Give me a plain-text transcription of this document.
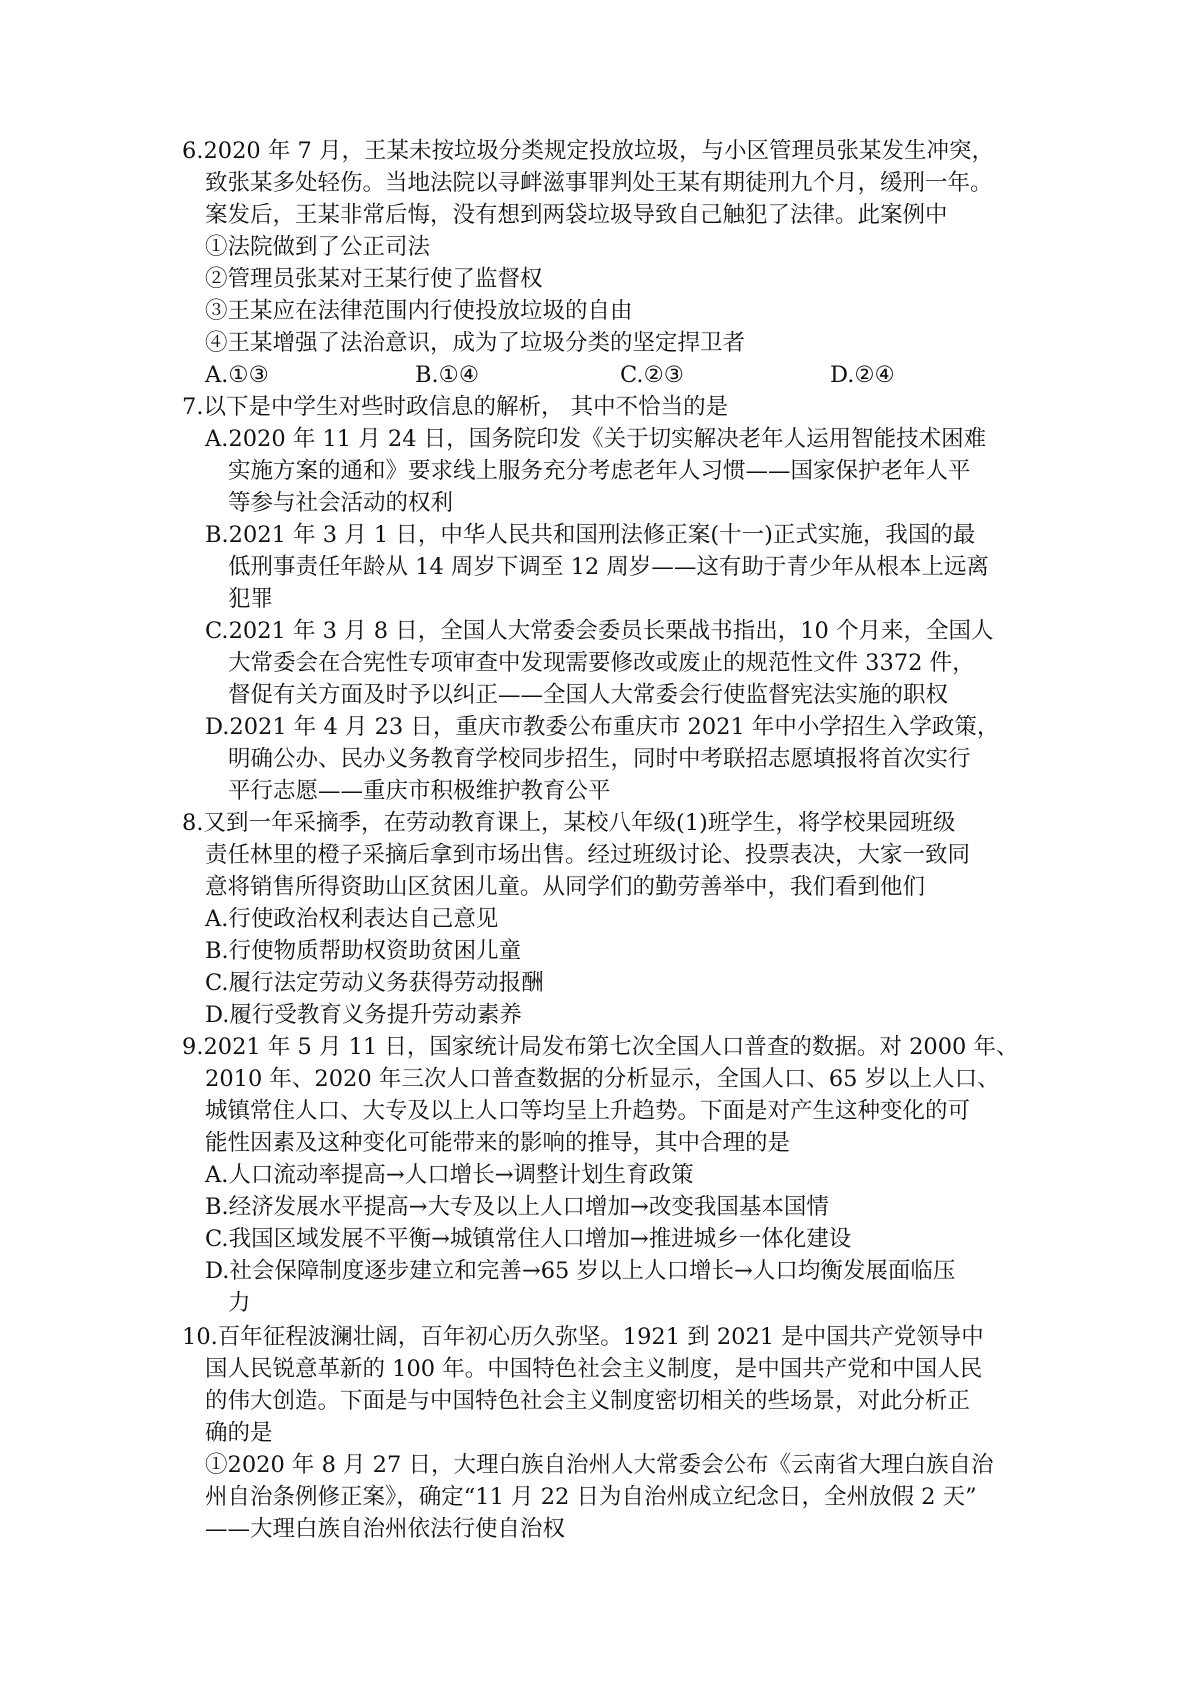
6.2020 年 7 月，王某未按垃圾分类规定投放垃圾，与小区管理员张某发生冲突，
致张某多处轻伤。当地法院以寻衅滋事罪判处王某有期徒刑九个月，缓刑一年。
案发后，王某非常后悔，没有想到两袋垃圾导致自己触犯了法律。此案例中
①法院做到了公正司法
②管理员张某对王某行使了监督权
③王某应在法律范围内行使投放垃圾的自由
④王某增强了法治意识，成为了垃圾分类的坚定捍卫者
A.①③	B.①④	C.②③	D.②④
7.以下是中学生对些时政信息的解析， 其中不恰当的是
A.2020 年 11 月 24 日，国务院印发《关于切实解决老年人运用智能技术困难
实施方案的通和》要求线上服务充分考虑老年人习惯——国家保护老年人平
等参与社会活动的权利
B.2021 年 3 月 1 日，中华人民共和国刑法修正案(十一)正式实施，我国的最
低刑事责任年龄从 14 周岁下调至 12 周岁——这有助于青少年从根本上远离
犯罪
C.2021 年 3 月 8 日，全国人大常委会委员长栗战书指出，10 个月来，全国人
大常委会在合宪性专项审查中发现需要修改或废止的规范性文件 3372 件，
督促有关方面及时予以纠正——全国人大常委会行使监督宪法实施的职权
D.2021 年 4 月 23 日，重庆市教委公布重庆市 2021 年中小学招生入学政策，
明确公办、民办义务教育学校同步招生，同时中考联招志愿填报将首次实行
平行志愿——重庆市积极维护教育公平
8.又到一年采摘季，在劳动教育课上，某校八年级(1)班学生，将学校果园班级
责任林里的橙子采摘后拿到市场出售。经过班级讨论、投票表决，大家一致同
意将销售所得资助山区贫困儿童。从同学们的勤劳善举中，我们看到他们
A.行使政治权利表达自己意见
B.行使物质帮助权资助贫困儿童
C.履行法定劳动义务获得劳动报酬
D.履行受教育义务提升劳动素养
9.2021 年 5 月 11 日，国家统计局发布第七次全国人口普查的数据。对 2000 年、
2010 年、2020 年三次人口普查数据的分析显示，全国人口、65 岁以上人口、
城镇常住人口、大专及以上人口等均呈上升趋势。下面是对产生这种变化的可
能性因素及这种变化可能带来的影响的推导，其中合理的是
A.人口流动率提高→人口增长→调整计划生育政策
B.经济发展水平提高→大专及以上人口增加→改变我国基本国情
C.我国区域发展不平衡→城镇常住人口增加→推进城乡一体化建设
D.社会保障制度逐步建立和完善→65 岁以上人口增长→人口均衡发展面临压
力
10.百年征程波澜壮阔，百年初心历久弥坚。1921 到 2021 是中国共产党领导中
国人民锐意革新的 100 年。中国特色社会主义制度，是中国共产党和中国人民
的伟大创造。下面是与中国特色社会主义制度密切相关的些场景，对此分析正
确的是
①2020 年 8 月 27 日，大理白族自治州人大常委会公布《云南省大理白族自治
州自治条例修正案》，确定“11 月 22 日为自治州成立纪念日，全州放假 2 天”
——大理白族自治州依法行使自治权
